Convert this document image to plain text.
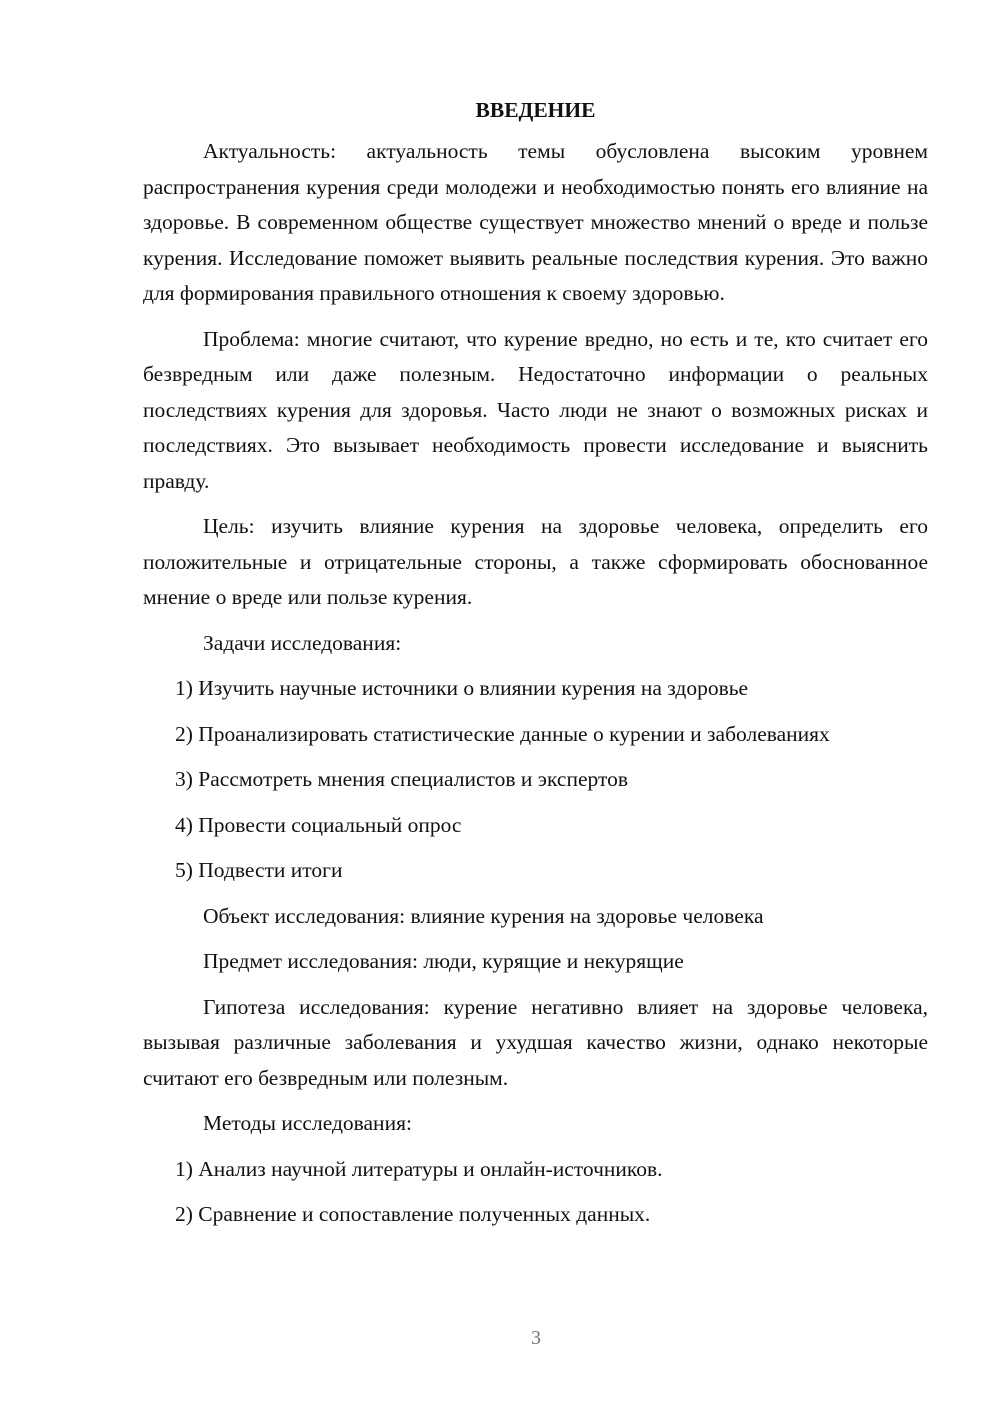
ВВЕДЕНИЕ

Актуальность: актуальность темы обусловлена высоким уровнем распространения курения среди молодежи и необходимостью понять его влияние на здоровье. В современном обществе существует множество мнений о вреде и пользе курения. Исследование поможет выявить реальные последствия курения. Это важно для формирования правильного отношения к своему здоровью.

Проблема: многие считают, что курение вредно, но есть и те, кто считает его безвредным или даже полезным. Недостаточно информации о реальных последствиях курения для здоровья. Часто люди не знают о возможных рисках и последствиях. Это вызывает необходимость провести исследование и выяснить правду.

Цель: изучить влияние курения на здоровье человека, определить его положительные и отрицательные стороны, а также сформировать обоснованное мнение о вреде или пользе курения.

Задачи исследования:

1) Изучить научные источники о влиянии курения на здоровье

2) Проанализировать статистические данные о курении и заболеваниях

3) Рассмотреть мнения специалистов и экспертов

4) Провести социальный опрос

5) Подвести итоги

Объект исследования: влияние курения на здоровье человека

Предмет исследования: люди, курящие и некурящие

Гипотеза исследования: курение негативно влияет на здоровье человека, вызывая различные заболевания и ухудшая качество жизни, однако некоторые считают его безвредным или полезным.

Методы исследования:

1) Анализ научной литературы и онлайн-источников.

2) Сравнение и сопоставление полученных данных.

3
